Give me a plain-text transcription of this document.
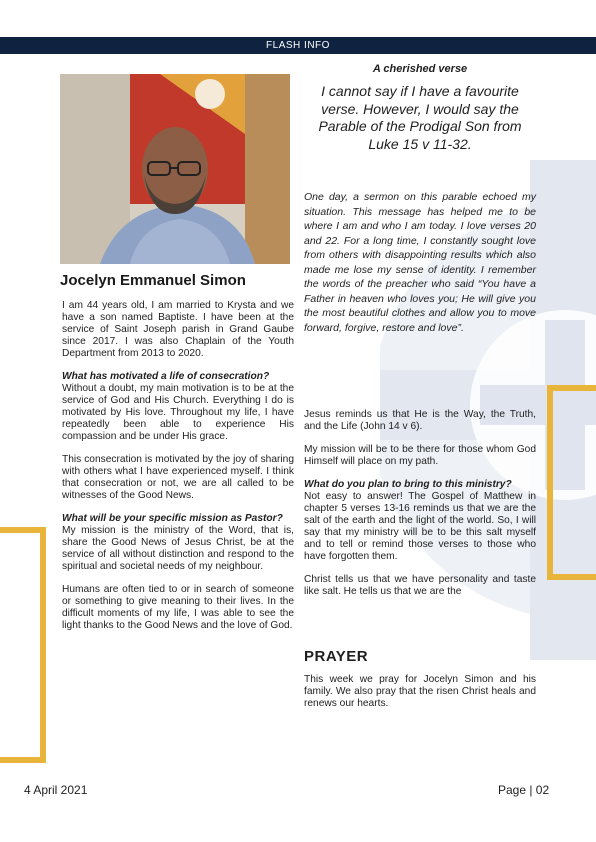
FLASH INFO
Jocelyn Emmanuel Simon

I am 44 years old, I am married to Krysta and we have a son named Baptiste. I have been at the service of Saint Joseph parish in Grand Gaube since 2017. I was also Chaplain of the Youth Department from 2013 to 2020.

What has motivated a life of consecration?

Without a doubt, my main motivation is to be at the service of God and His Church. Everything I do is motivated by His love. Throughout my life, I have repeatedly been able to experience His compassion and be under His grace.

This consecration is motivated by the joy of sharing with others what I have experienced myself. I think that consecration or not, we are all called to be witnesses of the Good News.

What will be your specific mission as Pastor?

My mission is the ministry of the Word, that is, share the Good News of Jesus Christ, be at the service of all without distinction and respond to the spiritual and societal needs of my neighbour.

Humans are often tied to or in search of someone or something to give meaning to their lives. In the difficult moments of my life, I was able to see the light thanks to the Good News and the love of God.

A cherished verse
I cannot say if I have a favourite verse. However, I would say the Parable of the Prodigal Son from Luke 15 v 11-32.
One day, a sermon on this parable echoed my situation. This message has helped me to be where I am and who I am today. I love verses 20 and 22. For a long time, I constantly sought love from others with disappointing results which also made me lose my sense of identity. I remember the words of the preacher who said “You have a Father in heaven who loves you; He will give you the most beautiful clothes and allow you to move forward, forgive, restore and love”.

Jesus reminds us that He is the Way, the Truth, and the Life (John 14 v 6).

My mission will be to be there for those whom God Himself will place on my path.

What do you plan to bring to this ministry?

Not easy to answer! The Gospel of Matthew in chapter 5 verses 13-16 reminds us that we are the salt of the earth and the light of the world. So, I will say that my ministry will be to be this salt myself and to tell or remind those verses to those who have forgotten them.

Christ tells us that we have personality and taste like salt. He tells us that we are the

PRAYER
This week we pray for Jocelyn Simon and his family. We also pray that the risen Christ heals and renews our hearts.
4 April 2021	Page | 02
